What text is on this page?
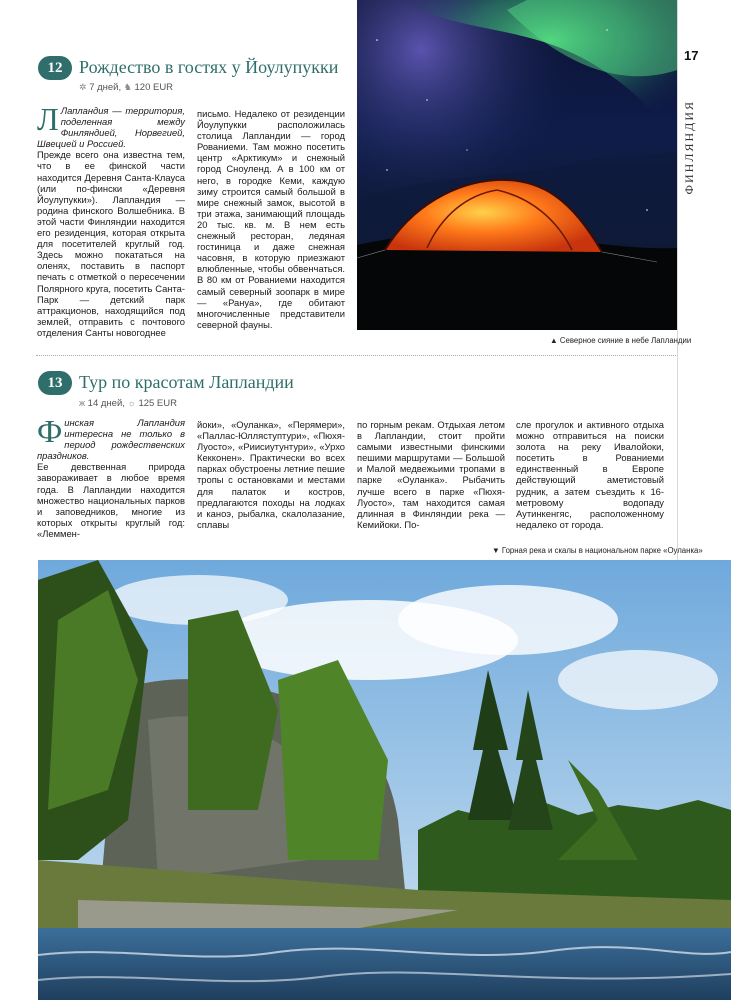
17
ФИНЛЯНДИЯ
12 Рождество в гостях у Йоулупукки
✲ 7 дней, ♞ 120 EUR

Л Лапландия — территория, поделенная между Финляндией, Норвегией, Швецией и Россией.

Прежде всего она известна тем, что в ее финской части находится Деревня Санта-Клауса (или по-фински «Деревня Йоулупукки»). Лапландия — родина финского Волшебника. В этой части Финляндии находится его резиденция, которая открыта для посетителей круглый год. Здесь можно покататься на оленях, поставить в паспорт печать с отметкой о пересечении Полярного круга, посетить Санта-Парк — детский парк аттракционов, находящийся под землей, отправить с почтового отделения Санты новогоднее

письмо. Недалеко от резиденции Йоулупукки расположилась столица Лапландии — город Рованиеми. Там можно посетить центр «Арктикум» и снежный город Сноуленд. А в 100 км от него, в городке Кеми, каждую зиму строится самый большой в мире снежный замок, высотой в три этажа, занимающий площадь 20 тыс. кв. м. В нем есть снежный ресторан, ледяная гостиница и даже снежная часовня, в которую приезжают влюбленные, чтобы обвенчаться. В 80 км от Рованиеми находится самый северный зоопарк в мире — «Рануа», где обитают многочисленные представители северной фауны.

▲ Северное сияние в небе Лапландии
13 Тур по красотам Лапландии
ж 14 дней, ☼ 125 EUR

Финская Лапландия интересна не только в период рождественских праздников.

Ее девственная природа завораживает в любое время года. В Лапландии находится множество национальных парков и заповедников, многие из которых открыты круглый год: «Леммен-

йоки», «Оуланка», «Перямери», «Паллас-Юлляступтури», «Пюхя-Луосто», «Риисиутунтури», «Урхо Кекконен». Практически во всех парках обустроены летние пешие тропы с остановками и местами для палаток и костров, предлагаются походы на лодках и каноэ, рыбалка, скалолазание, сплавы

по горным рекам. Отдыхая летом в Лапландии, стоит пройти самыми известными финскими пешими маршрутами — Большой и Малой медвежьими тропами в парке «Оуланка». Рыбачить лучше всего в парке «Пюхя-Луосто», там находится самая длинная в Финляндии река — Кемийоки. По-

сле прогулок и активного отдыха можно отправиться на поиски золота на реку Ивалойоки, посетить в Рованиеми единственный в Европе действующий аметистовый рудник, а затем съездить к 16-метровому водопаду Аутинкенгяс, расположенному недалеко от города.

▼ Горная река и скалы в национальном парке «Оуланка»
